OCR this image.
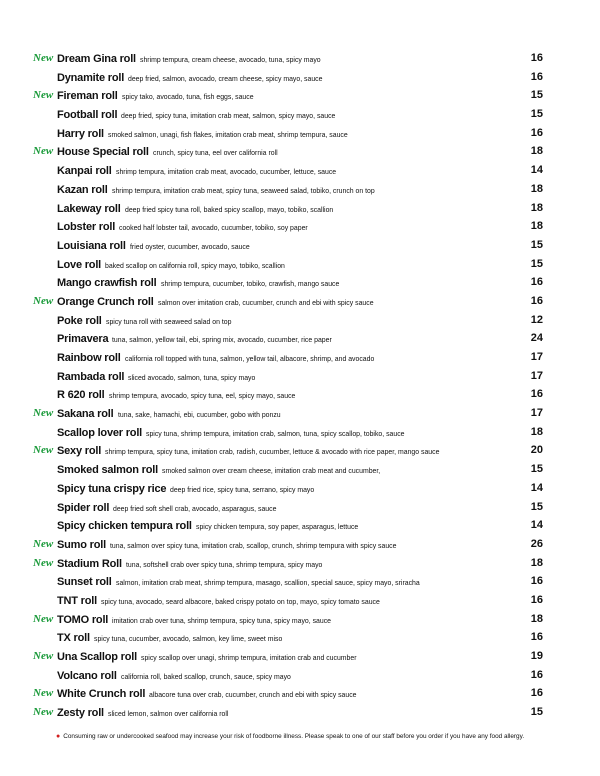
New Dream Gina roll shrimp tempura, cream cheese, avocado, tuna, spicy mayo	16
Dynamite roll deep fried, salmon, avocado, cream cheese, spicy mayo, sauce	16
New Fireman roll spicy tako, avocado, tuna, fish eggs, sauce	15
Football roll deep fried, spicy tuna, imitation crab meat, salmon, spicy mayo, sauce	15
Harry roll smoked salmon, unagi, fish flakes, imitation crab meat, shrimp tempura, sauce	16
New House Special roll crunch, spicy tuna, eel over california roll	18
Kanpai roll shrimp tempura, imitation crab meat, avocado, cucumber, lettuce, sauce	14
Kazan roll shrimp tempura, imitation crab meat, spicy tuna, seaweed salad, tobiko, crunch on top	18
Lakeway roll deep fried spicy tuna roll, baked spicy scallop, mayo, tobiko, scallion	18
Lobster roll cooked half lobster tail, avocado, cucumber, tobiko, soy paper	18
Louisiana roll fried oyster, cucumber, avocado, sauce	15
Love roll baked scallop on california roll, spicy mayo, tobiko, scallion	15
Mango crawfish roll shrimp tempura, cucumber, tobiko, crawfish, mango sauce	16
New Orange Crunch roll salmon over imitation crab, cucumber, crunch and ebi with spicy sauce	16
Poke roll spicy tuna roll with seaweed salad on top	12
Primavera tuna, salmon, yellow tail, ebi, spring mix, avocado, cucumber, rice paper	24
Rainbow roll california roll topped with tuna, salmon, yellow tail, albacore, shrimp, and avocado	17
Rambada roll sliced avocado, salmon, tuna, spicy mayo	17
R 620 roll shrimp tempura, avocado, spicy tuna, eel, spicy mayo, sauce	16
New Sakana roll tuna, sake, hamachi, ebi, cucumber, gobo with ponzu	17
Scallop lover roll spicy tuna, shrimp tempura, imitation crab, salmon, tuna, spicy scallop, tobiko, sauce	18
New Sexy roll shrimp tempura, spicy tuna, imitation crab, radish, cucumber, lettuce & avocado with rice paper, mango sauce	20
Smoked salmon roll smoked salmon over cream cheese, imitation crab meat and cucumber,	15
Spicy tuna crispy rice deep fried rice, spicy tuna, serrano, spicy mayo	14
Spider roll deep fried soft shell crab, avocado, asparagus, sauce	15
Spicy chicken tempura roll spicy chicken tempura, soy paper, asparagus, lettuce	14
New Sumo roll tuna, salmon over spicy tuna, imitation crab, scallop, crunch, shrimp tempura with spicy sauce	26
New Stadium Roll tuna, softshell crab over spicy tuna, shrimp tempura, spicy mayo	18
Sunset roll salmon, imitation crab meat, shrimp tempura, masago, scallion, special sauce, spicy mayo, sriracha	16
TNT roll spicy tuna, avocado, seard albacore, baked crispy potato on top, mayo, spicy tomato sauce	16
New TOMO roll imitation crab over tuna, shrimp tempura, spicy tuna, spicy mayo, sauce	18
TX roll spicy tuna, cucumber, avocado, salmon, key lime, sweet miso	16
New Una Scallop roll spicy scallop over unagi, shrimp tempura, imitation crab and cucumber	19
Volcano roll california roll, baked scallop, crunch, sauce, spicy mayo	16
New White Crunch roll albacore tuna over crab, cucumber, crunch and ebi with spicy sauce	16
New Zesty roll sliced lemon, salmon over california roll	15
● Consuming raw or undercooked seafood may increase your risk of foodborne illness. Please speak to one of our staff before you order if you have any food allergy.
